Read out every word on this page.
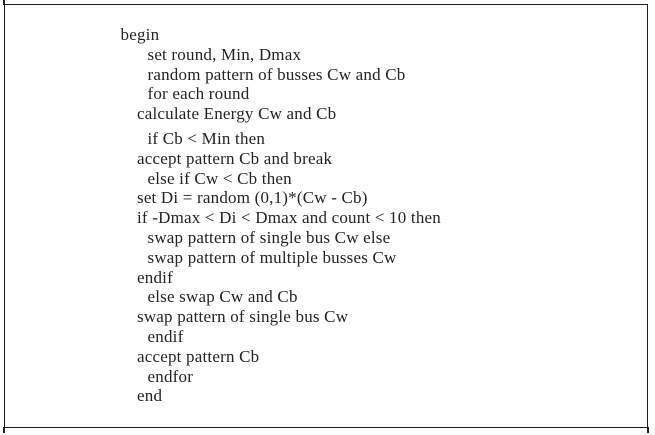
begin
set round, Min, Dmax
random pattern of busses Cw and Cb
for each round
calculate Energy Cw and Cb
if Cb < Min then
accept pattern Cb and break
else if Cw < Cb then
set Di = random (0,1)*(Cw - Cb)
if -Dmax < Di < Dmax and count < 10 then
swap pattern of single bus Cw else
swap pattern of multiple busses Cw
endif
else swap Cw and Cb
swap pattern of single bus Cw
endif
accept pattern Cb
endfor
end
